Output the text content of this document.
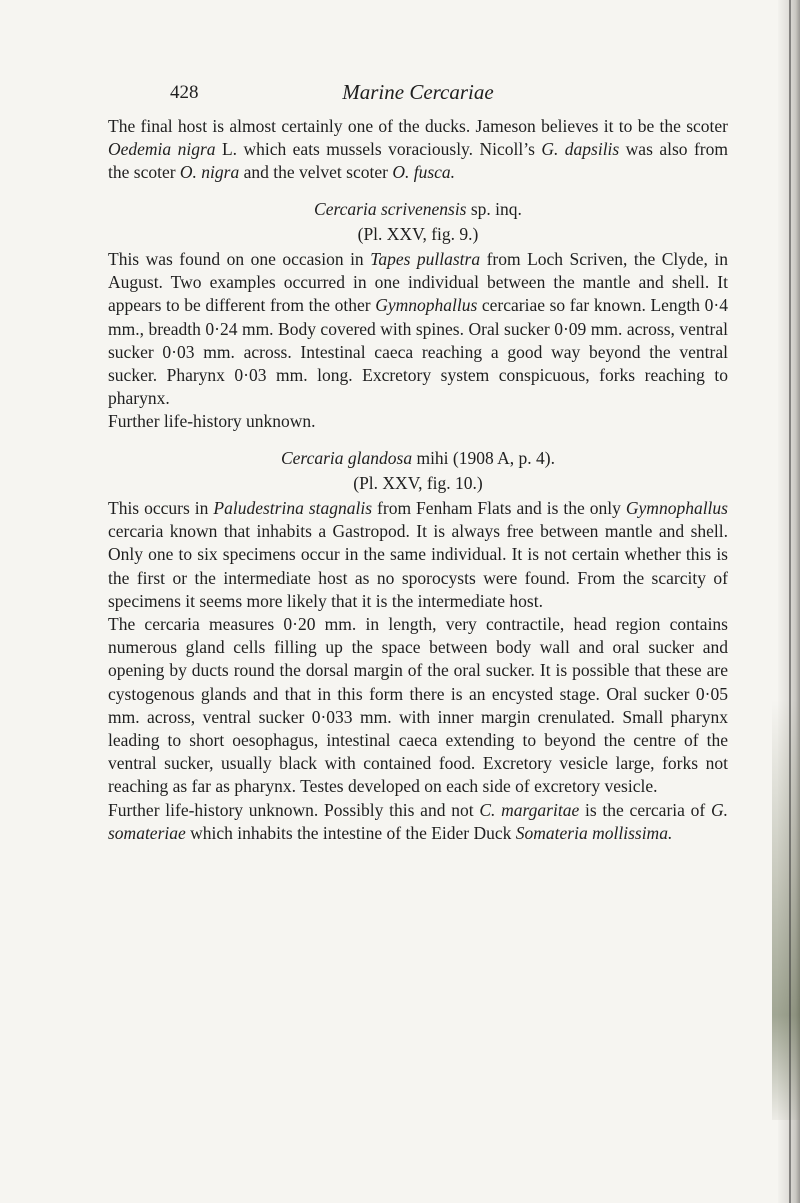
428	Marine Cercariae

The final host is almost certainly one of the ducks. Jameson believes it to be the scoter Oedemia nigra L. which eats mussels voraciously. Nicoll’s G. dapsilis was also from the scoter O. nigra and the velvet scoter O. fusca.

Cercaria scrivenensis sp. inq.

(Pl. XXV, fig. 9.)

This was found on one occasion in Tapes pullastra from Loch Scriven, the Clyde, in August. Two examples occurred in one individual between the mantle and shell. It appears to be different from the other Gymnophallus cercariae so far known. Length 0·4 mm., breadth 0·24 mm. Body covered with spines. Oral sucker 0·09 mm. across, ventral sucker 0·03 mm. across. Intestinal caeca reaching a good way beyond the ventral sucker. Pharynx 0·03 mm. long. Excretory system conspicuous, forks reaching to pharynx.

Further life-history unknown.

Cercaria glandosa mihi (1908 A, p. 4).

(Pl. XXV, fig. 10.)

This occurs in Paludestrina stagnalis from Fenham Flats and is the only Gymnophallus cercaria known that inhabits a Gastropod. It is always free between mantle and shell. Only one to six specimens occur in the same individual. It is not certain whether this is the first or the intermediate host as no sporocysts were found. From the scarcity of specimens it seems more likely that it is the intermediate host.

The cercaria measures 0·20 mm. in length, very contractile, head region contains numerous gland cells filling up the space between body wall and oral sucker and opening by ducts round the dorsal margin of the oral sucker. It is possible that these are cystogenous glands and that in this form there is an encysted stage. Oral sucker 0·05 mm. across, ventral sucker 0·033 mm. with inner margin crenulated. Small pharynx leading to short oesophagus, intestinal caeca extending to beyond the centre of the ventral sucker, usually black with contained food. Excretory vesicle large, forks not reaching as far as pharynx. Testes developed on each side of excretory vesicle.

Further life-history unknown. Possibly this and not C. margaritae is the cercaria of G. somateriae which inhabits the intestine of the Eider Duck Somateria mollissima.
